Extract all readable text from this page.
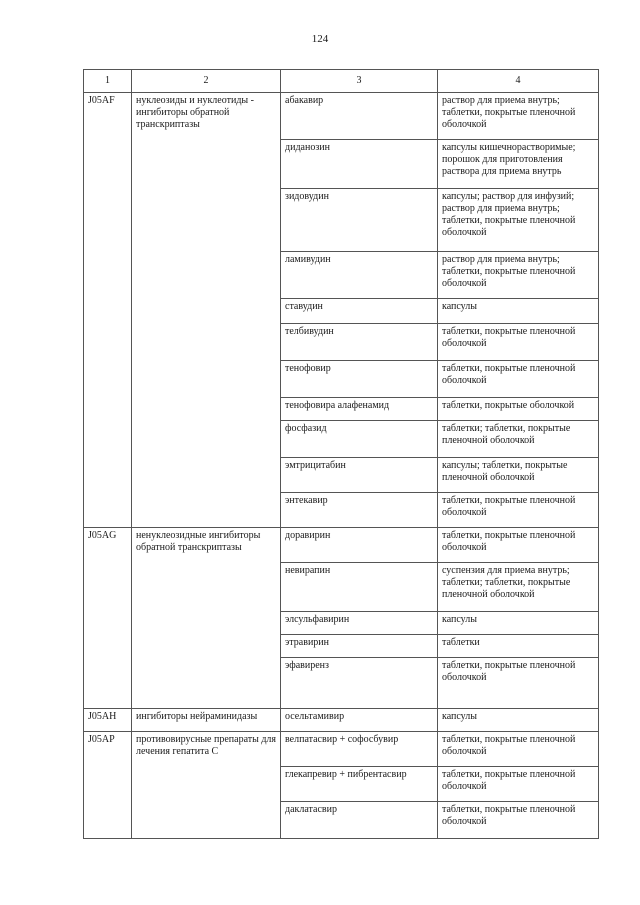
124
1	2	3	4
J05AF	нуклеозиды и нуклеотиды - ингибиторы обратной транскриптазы	абакавир	раствор для приема внутрь; таблетки, покрытые пленочной оболочкой
		диданозин	капсулы кишечнорастворимые; порошок для приготовления раствора для приема внутрь
		зидовудин	капсулы; раствор для инфузий; раствор для приема внутрь; таблетки, покрытые пленочной оболочкой
		ламивудин	раствор для приема внутрь; таблетки, покрытые пленочной оболочкой
		ставудин	капсулы
		телбивудин	таблетки, покрытые пленочной оболочкой
		тенофовир	таблетки, покрытые пленочной оболочкой
		тенофовира алафенамид	таблетки, покрытые оболочкой
		фосфазид	таблетки; таблетки, покрытые пленочной оболочкой
		эмтрицитабин	капсулы; таблетки, покрытые пленочной оболочкой
		энтекавир	таблетки, покрытые пленочной оболочкой
J05AG	ненуклеозидные ингибиторы обратной транскриптазы	доравирин	таблетки, покрытые пленочной оболочкой
		невирапин	суспензия для приема внутрь; таблетки; таблетки, покрытые пленочной оболочкой
		элсульфавирин	капсулы
		этравирин	таблетки
		эфавиренз	таблетки, покрытые пленочной оболочкой
J05AH	ингибиторы нейраминидазы	осельтамивир	капсулы
J05AP	противовирусные препараты для лечения гепатита С	велпатасвир + софосбувир	таблетки, покрытые пленочной оболочкой
		глекапревир + пибрентасвир	таблетки, покрытые пленочной оболочкой
		даклатасвир	таблетки, покрытые пленочной оболочкой
